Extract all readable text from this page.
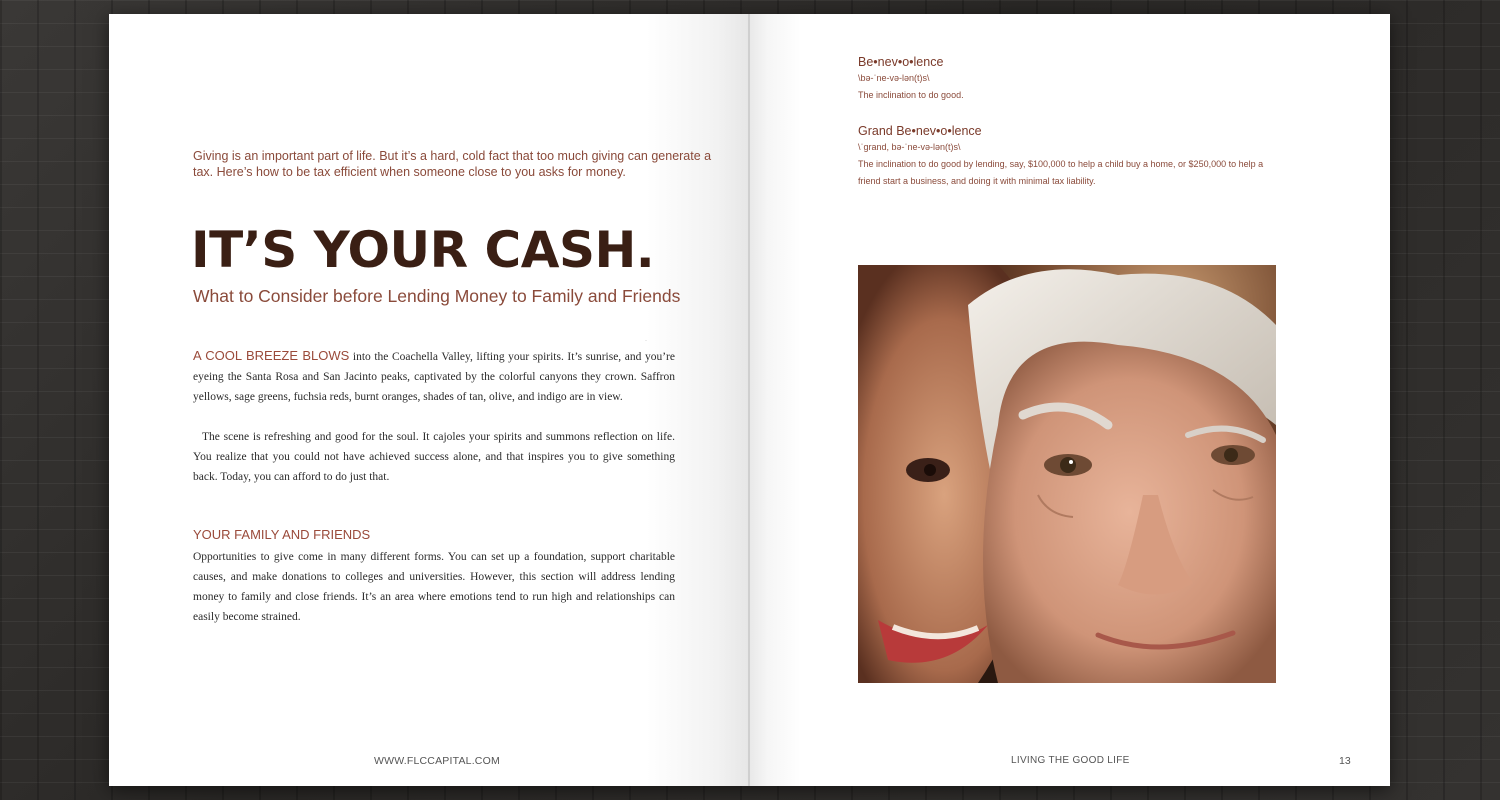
Giving is an important part of life. But it’s a hard, cold fact that too much giving can generate a tax. Here’s how to be tax efficient when someone close to you asks for money.
IT’S YOUR CASH.
What to Consider before Lending Money to Family and Friends
·

A COOL BREEZE BLOWS into the Coachella Valley, lifting your spirits. It’s sunrise, and you’re eyeing the Santa Rosa and San Jacinto peaks, captivated by the colorful canyons they crown. Saffron yellows, sage greens, fuchsia reds, burnt oranges, shades of tan, olive, and indigo are in view.

The scene is refreshing and good for the soul. It cajoles your spirits and summons reflection on life. You realize that you could not have achieved success alone, and that inspires you to give something back. Today, you can afford to do just that.

YOUR FAMILY AND FRIENDS

Opportunities to give come in many different forms. You can set up a foundation, support charitable causes, and make donations to colleges and universities. However, this section will address lending money to family and close friends. It’s an area where emotions tend to run high and relationships can easily become strained.

WWW.FLCCAPITAL.COM
Be•nev•o•lence
\bə-ˈne-və-lən(t)s\
The inclination to do good.
Grand Be•nev•o•lence
\ˈgrand, bə-ˈne-və-lən(t)s\
The inclination to do good by lending, say, $100,000 to help a child buy a home, or $250,000 to help a friend start a business, and doing it with minimal tax liability.
LIVING THE GOOD LIFE	13
